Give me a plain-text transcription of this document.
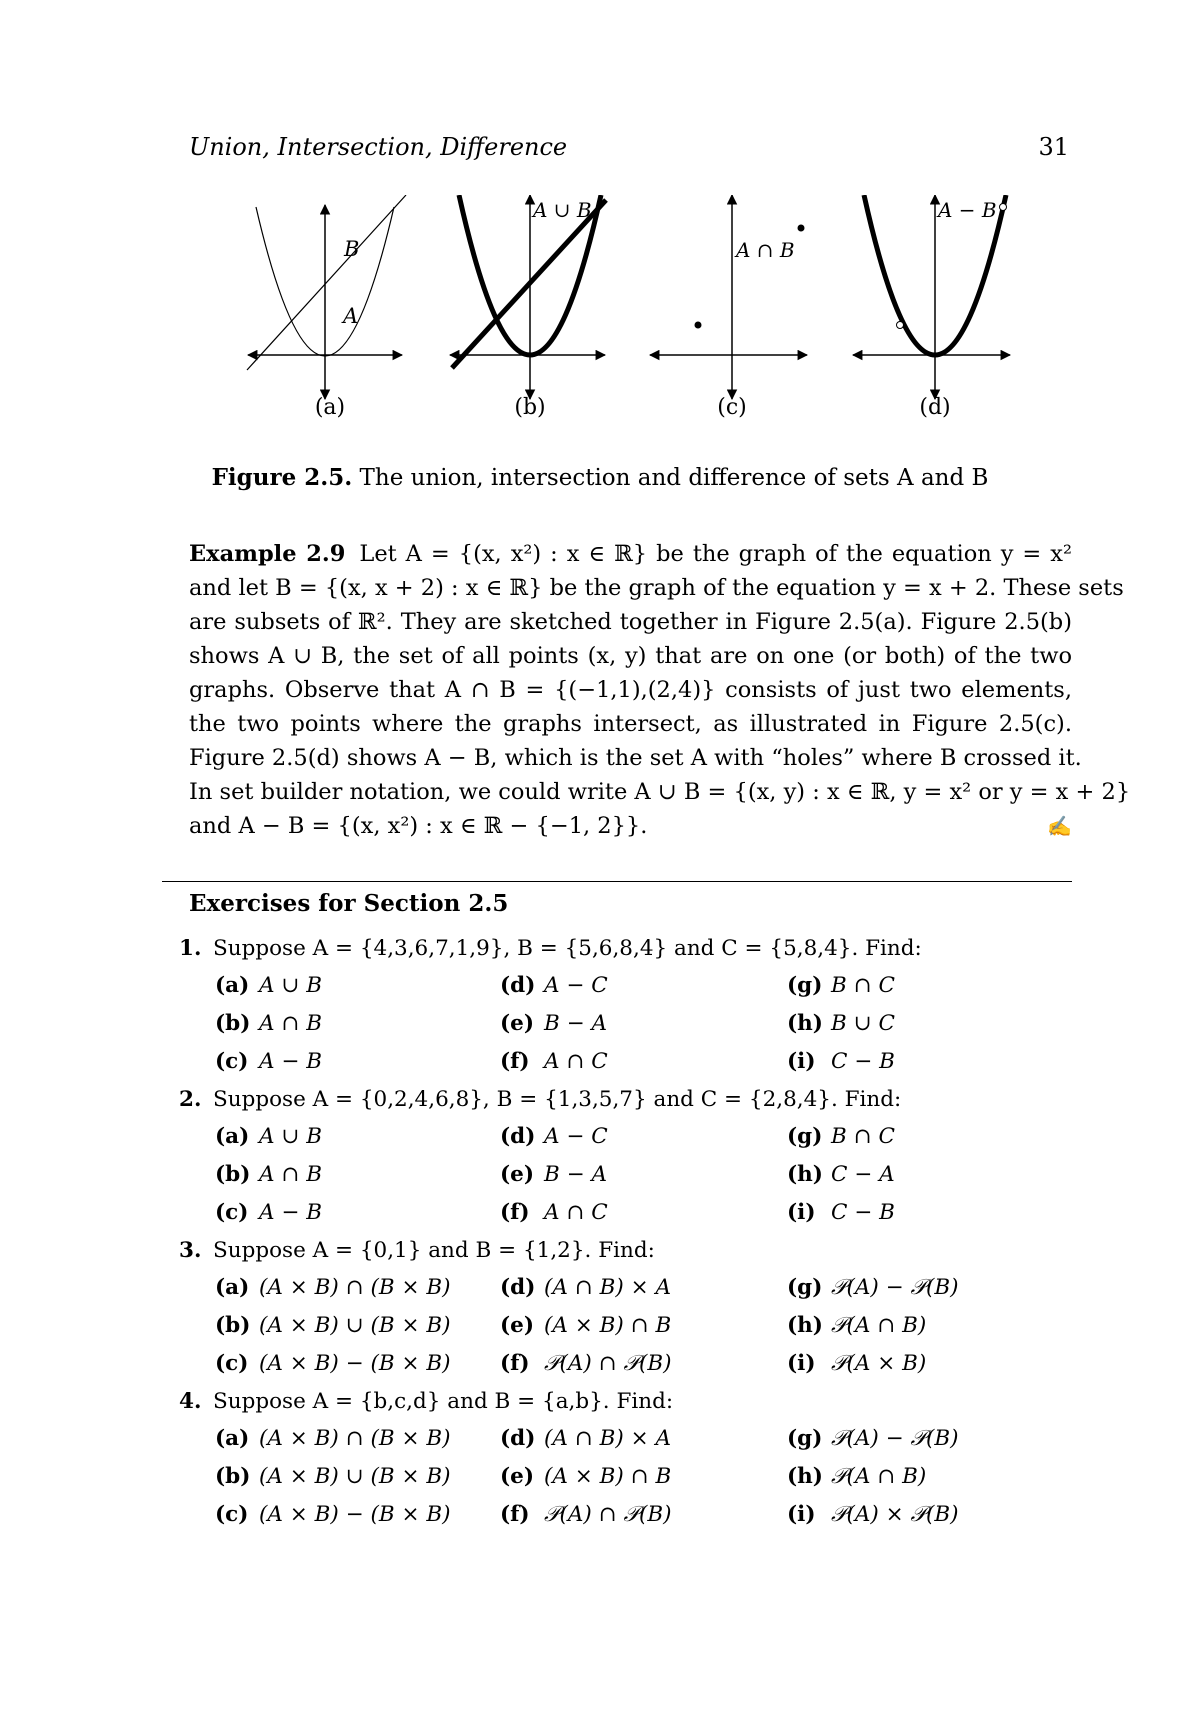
Union, Intersection, Difference	31
B
A
A ∪ B
A ∩ B
A − B
(a)	(b)	(c)	(d)
Figure 2.5. The union, intersection and difference of sets A and B
Example 2.9 Let A = {(x, x²) : x ∈ ℝ} be the graph of the equation y = x²
and let B = {(x, x + 2) : x ∈ ℝ} be the graph of the equation y = x + 2. These sets
are subsets of ℝ². They are sketched together in Figure 2.5(a). Figure 2.5(b)
shows A ∪ B, the set of all points (x, y) that are on one (or both) of the two
graphs. Observe that A ∩ B = {(−1,1),(2,4)} consists of just two elements,
the two points where the graphs intersect, as illustrated in Figure 2.5(c).
Figure 2.5(d) shows A − B, which is the set A with “holes” where B crossed it.
In set builder notation, we could write A ∪ B = {(x, y) : x ∈ ℝ, y = x² or y = x + 2}
and A − B = {(x, x²) : x ∈ ℝ − {−1, 2}}.	✍
Exercises for Section 2.5
1. Suppose A = {4,3,6,7,1,9}, B = {5,6,8,4} and C = {5,8,4}. Find:
(a) A ∪ B	(d) A − C	(g) B ∩ C
(b) A ∩ B	(e) B − A	(h) B ∪ C
(c) A − B	(f) A ∩ C	(i) C − B
2. Suppose A = {0,2,4,6,8}, B = {1,3,5,7} and C = {2,8,4}. Find:
(a) A ∪ B	(d) A − C	(g) B ∩ C
(b) A ∩ B	(e) B − A	(h) C − A
(c) A − B	(f) A ∩ C	(i) C − B
3. Suppose A = {0,1} and B = {1,2}. Find:
(a) (A × B) ∩ (B × B)	(d) (A ∩ B) × A	(g) 𝒫(A) − 𝒫(B)
(b) (A × B) ∪ (B × B)	(e) (A × B) ∩ B	(h) 𝒫(A ∩ B)
(c) (A × B) − (B × B)	(f) 𝒫(A) ∩ 𝒫(B)	(i) 𝒫(A × B)
4. Suppose A = {b,c,d} and B = {a,b}. Find:
(a) (A × B) ∩ (B × B)	(d) (A ∩ B) × A	(g) 𝒫(A) − 𝒫(B)
(b) (A × B) ∪ (B × B)	(e) (A × B) ∩ B	(h) 𝒫(A ∩ B)
(c) (A × B) − (B × B)	(f) 𝒫(A) ∩ 𝒫(B)	(i) 𝒫(A) × 𝒫(B)
